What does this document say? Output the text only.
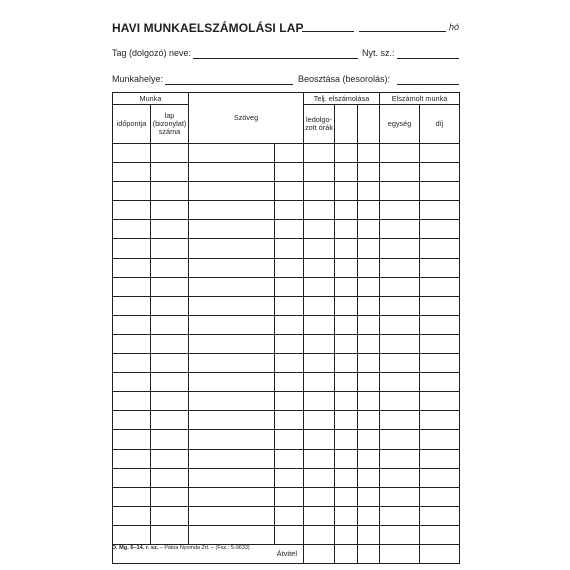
HAVI MUNKAELSZÁMOLÁSI LAP	hó
Tag (dolgozó) neve:	Nyt. sz.:
Munkahelye:	Beosztása (besorolás):
Munka		Szöveg		Telj. elszámolása			Elszámolt munka	
időpontja	lap (bizonylat) száma			ledolgo-zott órák			egység	díj

Átvitel								
D. Mg. 6–14. r. sz. – Pátria Nyomda Zrt. – (Fsz.: S-9633)
